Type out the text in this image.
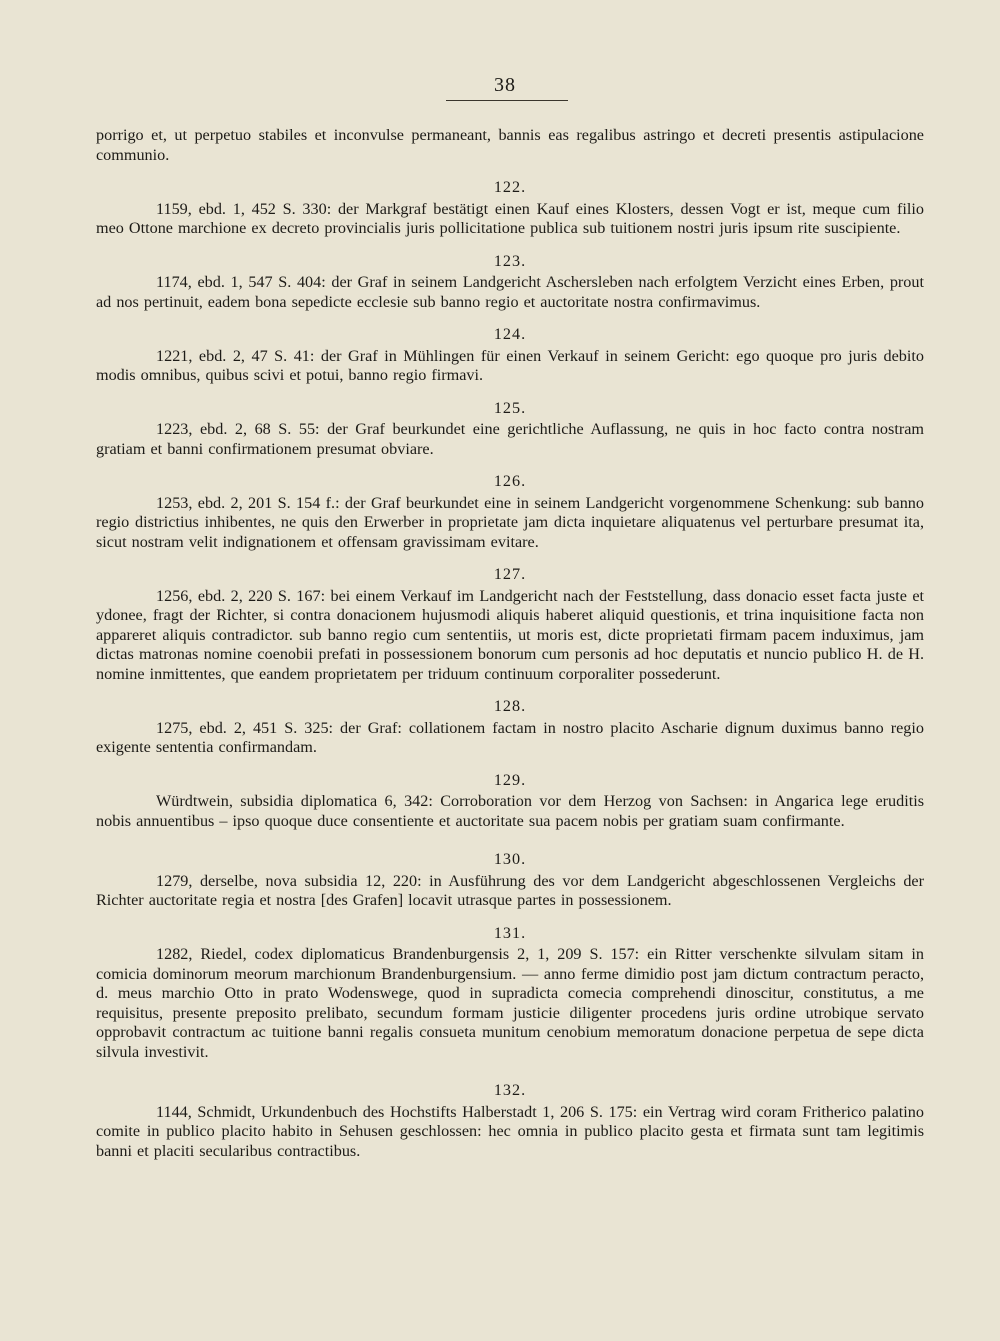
38

porrigo et, ut perpetuo stabiles et inconvulse permaneant, bannis eas regalibus astringo et decreti presentis astipulacione communio.

122.
1159, ebd. 1, 452 S. 330: der Markgraf bestätigt einen Kauf eines Klosters, dessen Vogt er ist, meque cum filio meo Ottone marchione ex decreto provincialis juris pollicitatione publica sub tuitionem nostri juris ipsum rite suscipiente.
123.
1174, ebd. 1, 547 S. 404: der Graf in seinem Landgericht Aschersleben nach erfolgtem Verzicht eines Erben, prout ad nos pertinuit, eadem bona sepedicte ecclesie sub banno regio et auctoritate nostra confirmavimus.
124.
1221, ebd. 2, 47 S. 41: der Graf in Mühlingen für einen Verkauf in seinem Gericht: ego quoque pro juris debito modis omnibus, quibus scivi et potui, banno regio firmavi.
125.
1223, ebd. 2, 68 S. 55: der Graf beurkundet eine gerichtliche Auflassung, ne quis in hoc facto contra nostram gratiam et banni confirmationem presumat obviare.
126.
1253, ebd. 2, 201 S. 154 f.: der Graf beurkundet eine in seinem Landgericht vorgenommene Schenkung: sub banno regio districtius inhibentes, ne quis den Erwerber in proprietate jam dicta inquietare aliquatenus vel perturbare presumat ita, sicut nostram velit indignationem et offensam gravissimam evitare.
127.
1256, ebd. 2, 220 S. 167: bei einem Verkauf im Landgericht nach der Feststellung, dass donacio esset facta juste et ydonee, fragt der Richter, si contra donacionem hujusmodi aliquis haberet aliquid questionis, et trina inquisitione facta non appareret aliquis contradictor. sub banno regio cum sententiis, ut moris est, dicte proprietati firmam pacem induximus, jam dictas matronas nomine coenobii prefati in possessionem bonorum cum personis ad hoc deputatis et nuncio publico H. de H. nomine inmittentes, que eandem proprietatem per triduum continuum corporaliter possederunt.
128.
1275, ebd. 2, 451 S. 325: der Graf: collationem factam in nostro placito Ascharie dignum duximus banno regio exigente sententia confirmandam.
129.
Würdtwein, subsidia diplomatica 6, 342: Corroboration vor dem Herzog von Sachsen: in Angarica lege eruditis nobis annuentibus – ipso quoque duce consentiente et auctoritate sua pacem nobis per gratiam suam confirmante.
130.
1279, derselbe, nova subsidia 12, 220: in Ausführung des vor dem Landgericht abgeschlossenen Vergleichs der Richter auctoritate regia et nostra [des Grafen] locavit utrasque partes in possessionem.
131.
1282, Riedel, codex diplomaticus Brandenburgensis 2, 1, 209 S. 157: ein Ritter verschenkte silvulam sitam in comicia dominorum meorum marchionum Brandenburgensium. — anno ferme dimidio post jam dictum contractum peracto, d. meus marchio Otto in prato Wodenswege, quod in supradicta comecia comprehendi dinoscitur, constitutus, a me requisitus, presente preposito prelibato, secundum formam justicie diligenter procedens juris ordine utrobique servato opprobavit contractum ac tuitione banni regalis consueta munitum cenobium memoratum donacione perpetua de sepe dicta silvula investivit.
132.
1144, Schmidt, Urkundenbuch des Hochstifts Halberstadt 1, 206 S. 175: ein Vertrag wird coram Fritherico palatino comite in publico placito habito in Sehusen geschlossen: hec omnia in publico placito gesta et firmata sunt tam legitimis banni et placiti secularibus contractibus.
